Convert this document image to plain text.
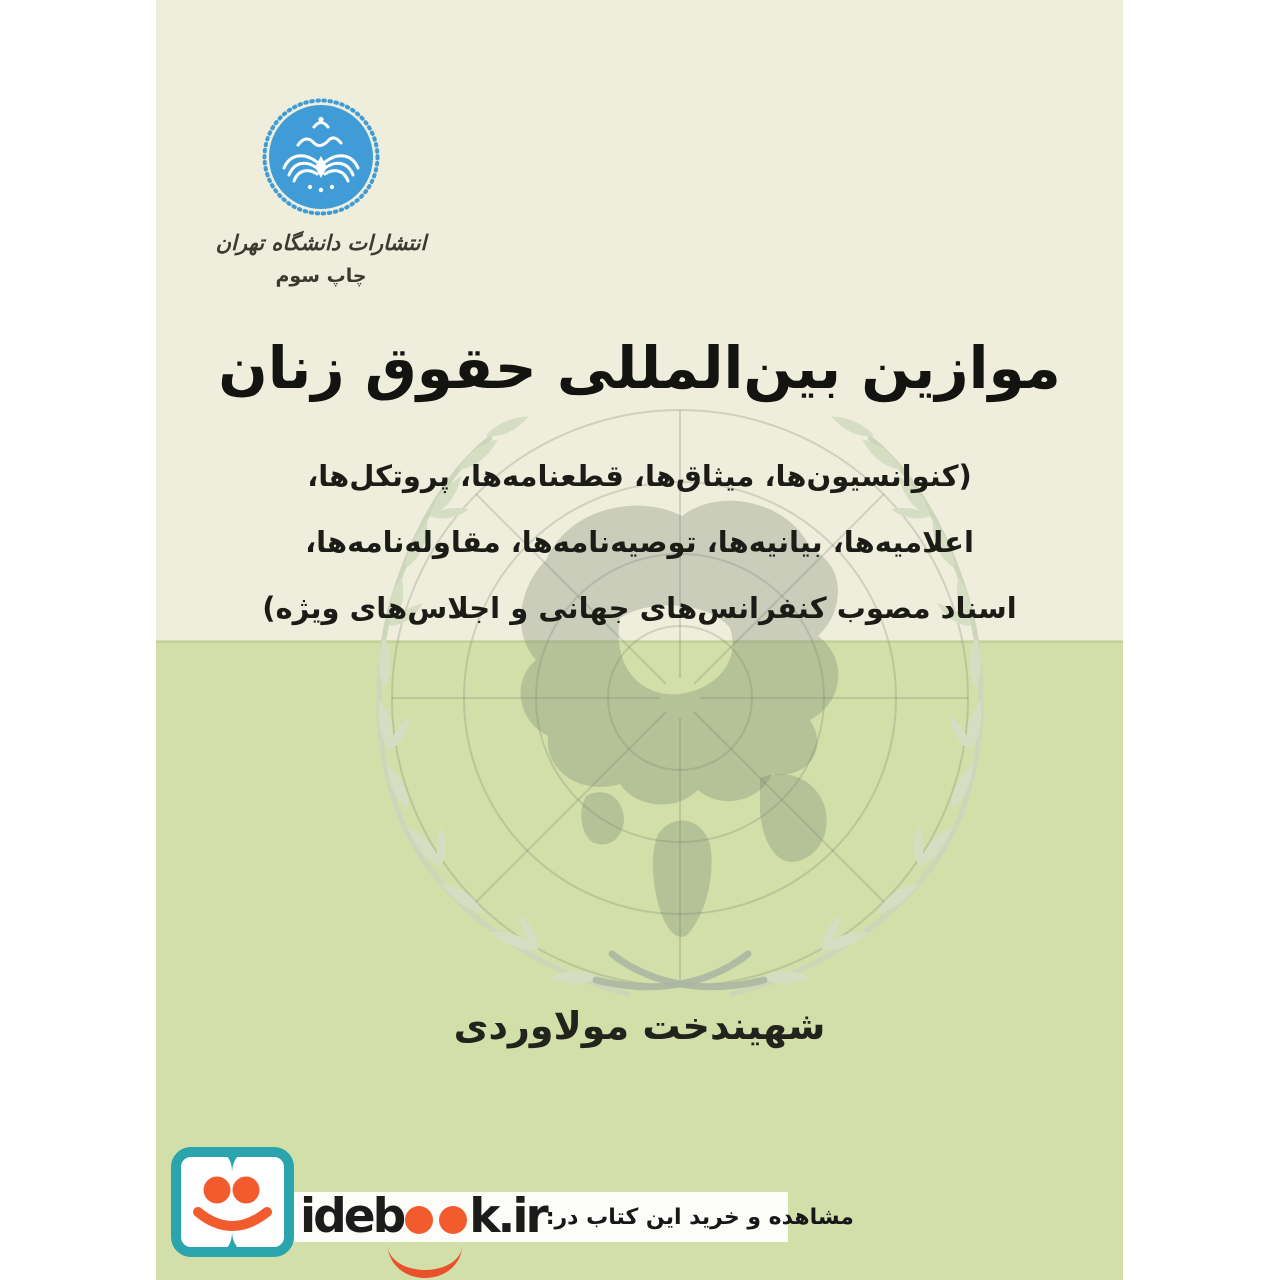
انتشارات دانشگاه تهران
چاپ سوم
موازین بین‌المللی حقوق زنان
(کنوانسیون‌ها، میثاق‌ها، قطعنامه‌ها، پروتکل‌ها،
اعلامیه‌ها، بیانیه‌ها، توصیه‌نامه‌ها، مقاوله‌نامه‌ها،
اسناد مصوب کنفرانس‌های جهانی و اجلاس‌های ویژه)
شهیندخت مولاوردی
ideb k.ir مشاهده و خرید این کتاب در:
